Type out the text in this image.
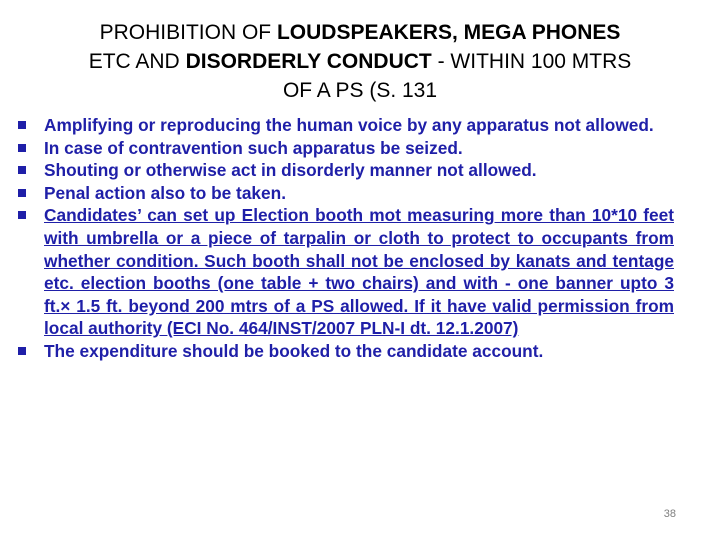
PROHIBITION OF LOUDSPEAKERS, MEGA PHONES
ETC AND DISORDERLY CONDUCT - WITHIN 100 MTRS
OF A PS (S. 131
Amplifying or reproducing the human voice by any apparatus not allowed.
In case of contravention such apparatus be seized.
Shouting or otherwise act in disorderly manner not allowed.
Penal action also to be taken.
Candidates’ can set up Election booth mot measuring more than 10*10 feet with umbrella or a piece of tarpalin or cloth to protect to occupants from whether condition. Such booth shall not be enclosed by kanats and tentage etc. election booths (one table + two chairs) and with - one banner upto 3 ft.× 1.5 ft. beyond 200 mtrs of a PS allowed. If it have valid permission from local authority (ECI No. 464/INST/2007 PLN-I dt. 12.1.2007)
The expenditure should be booked to the candidate account.
38
